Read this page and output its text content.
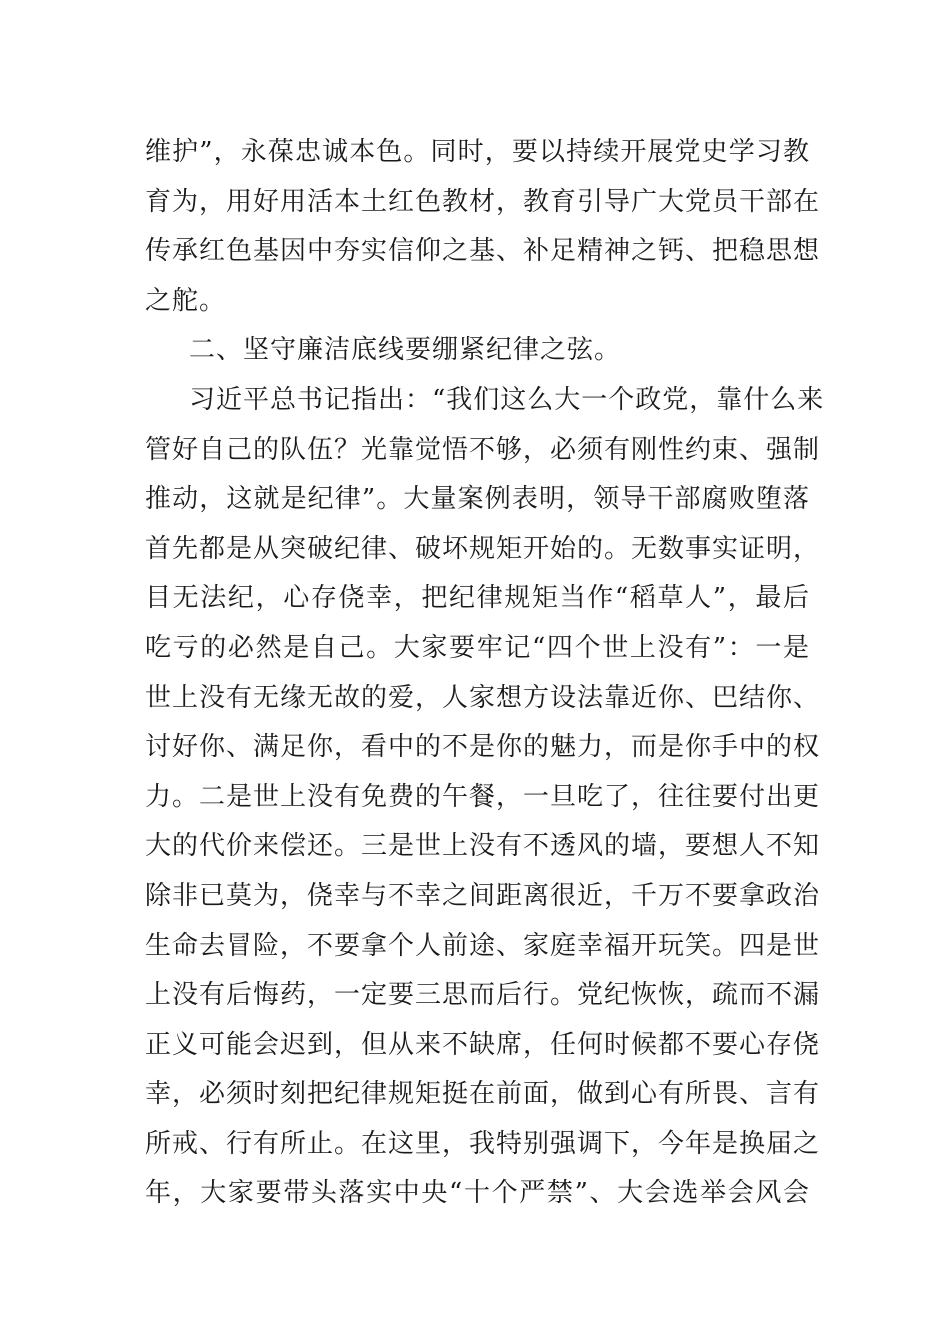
维护”，永葆忠诚本色。同时，要以持续开展党史学习教
育为，用好用活本土红色教材，教育引导广大党员干部在
传承红色基因中夯实信仰之基、补足精神之钙、把稳思想
之舵。
二、坚守廉洁底线要绷紧纪律之弦。
习近平总书记指出：“我们这么大一个政党，靠什么来
管好自己的队伍？光靠觉悟不够，必须有刚性约束、强制
推动，这就是纪律”。大量案例表明，领导干部腐败堕落
首先都是从突破纪律、破坏规矩开始的。无数事实证明，
目无法纪，心存侥幸，把纪律规矩当作“稻草人”，最后
吃亏的必然是自己。大家要牢记“四个世上没有”：一是
世上没有无缘无故的爱，人家想方设法靠近你、巴结你、
讨好你、满足你，看中的不是你的魅力，而是你手中的权
力。二是世上没有免费的午餐，一旦吃了，往往要付出更
大的代价来偿还。三是世上没有不透风的墙，要想人不知
除非已莫为，侥幸与不幸之间距离很近，千万不要拿政治
生命去冒险，不要拿个人前途、家庭幸福开玩笑。四是世
上没有后悔药，一定要三思而后行。党纪恢恢，疏而不漏
正义可能会迟到，但从来不缺席，任何时候都不要心存侥
幸，必须时刻把纪律规矩挺在前面，做到心有所畏、言有
所戒、行有所止。在这里，我特别强调下，今年是换届之
年，大家要带头落实中央“十个严禁”、大会选举会风会
